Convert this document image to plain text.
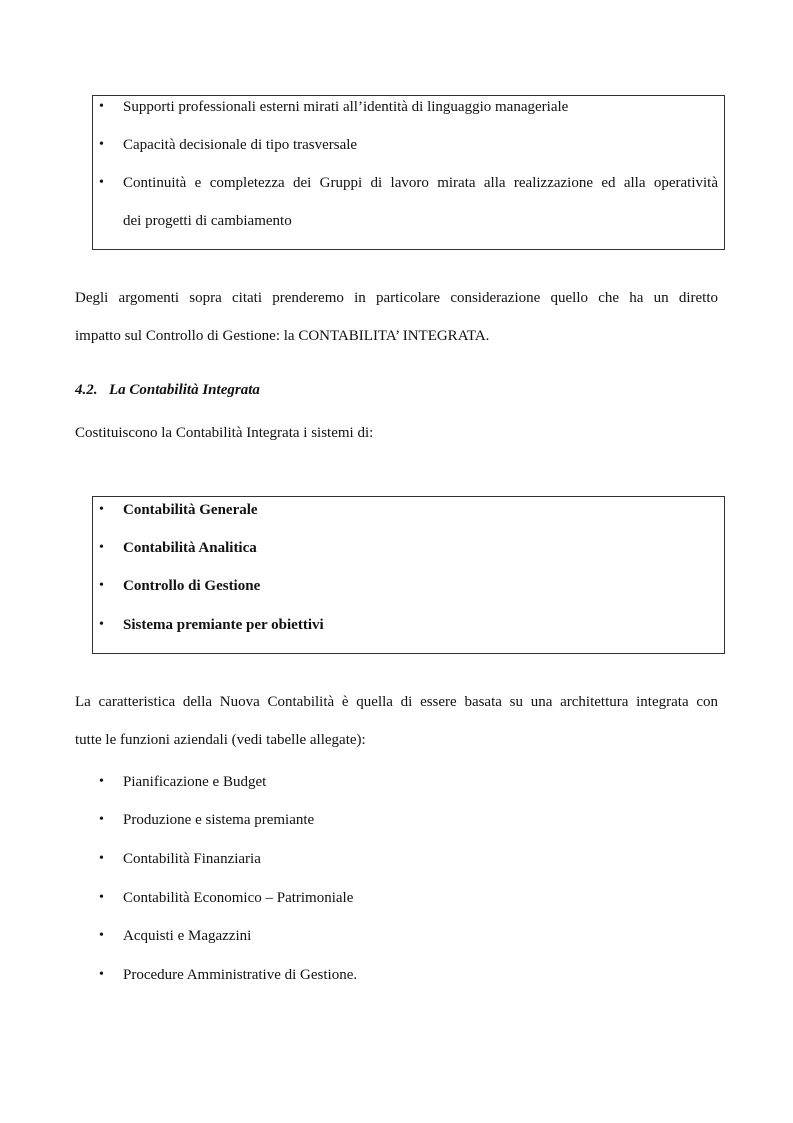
•	Supporti professionali esterni mirati all’identità di linguaggio manageriale
•	Capacità decisionale di tipo trasversale
•	Continuità e completezza dei Gruppi di lavoro mirata alla realizzazione ed alla operatività
dei progetti di cambiamento
Degli argomenti sopra citati prenderemo in particolare considerazione quello che ha un diretto
impatto sul Controllo di Gestione: la CONTABILITA’ INTEGRATA.
4.2. La Contabilità Integrata
Costituiscono la Contabilità Integrata i sistemi di:
•	Contabilità Generale
•	Contabilità Analitica
•	Controllo di Gestione
•	Sistema premiante per obiettivi
La caratteristica della Nuova Contabilità è quella di essere basata su una architettura integrata con
tutte le funzioni aziendali (vedi tabelle allegate):
•	Pianificazione e Budget
•	Produzione e sistema premiante
•	Contabilità Finanziaria
•	Contabilità Economico – Patrimoniale
•	Acquisti e Magazzini
•	Procedure Amministrative di Gestione.
